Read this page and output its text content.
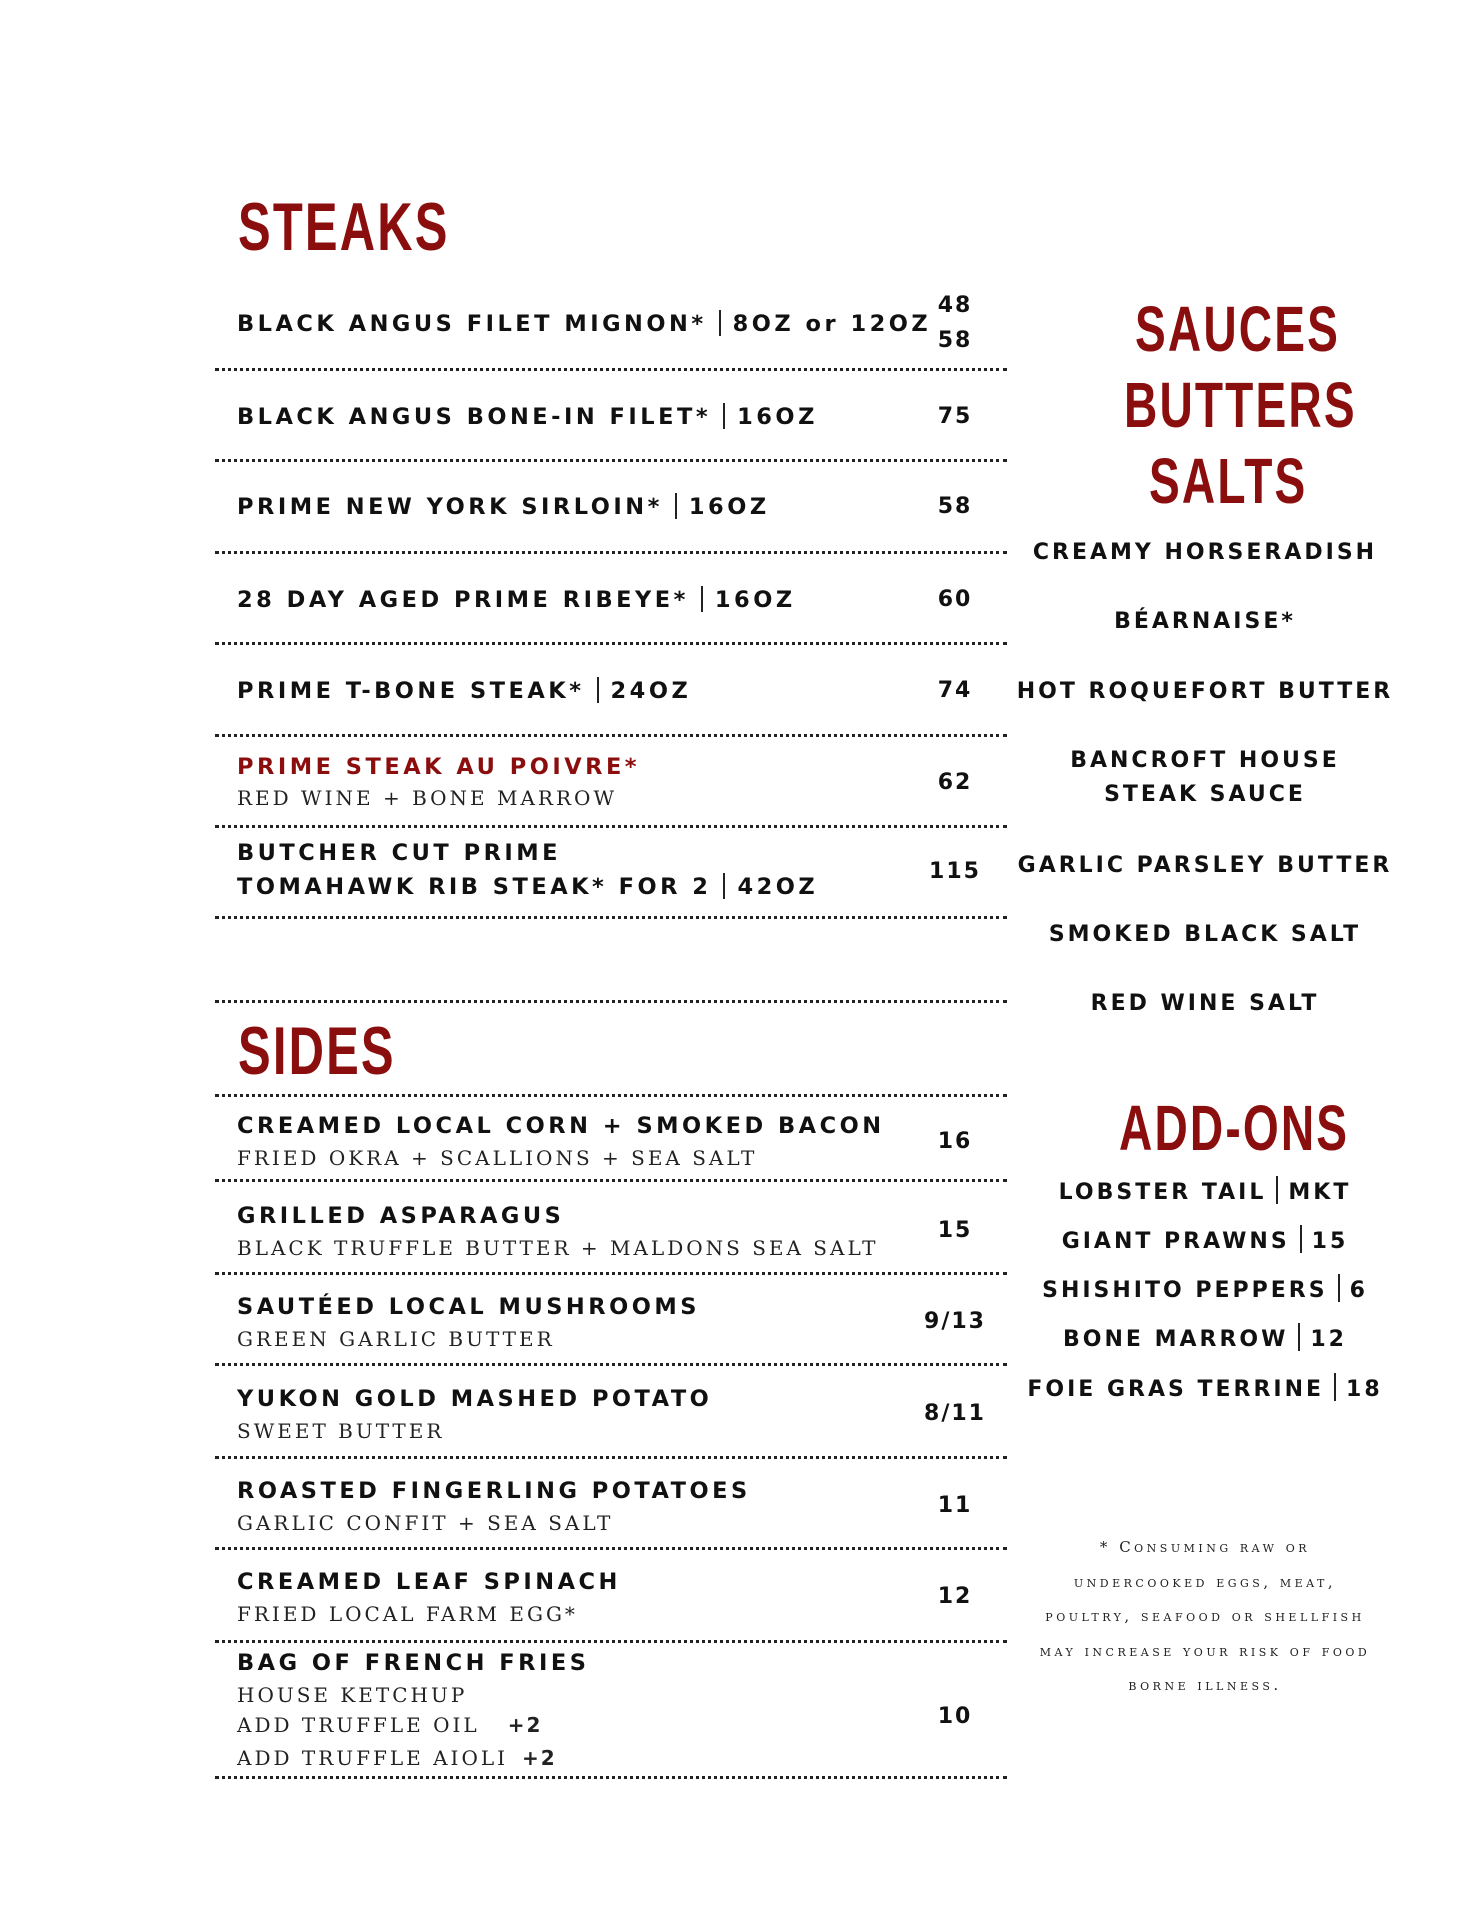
STEAKS
SIDES
SAUCES
BUTTERS
SALTS
ADD-ONS
BLACK ANGUS FILET MIGNON* 8OZ or 12OZ
48
58
BLACK ANGUS BONE-IN FILET* 16OZ	75
PRIME NEW YORK SIRLOIN* 16OZ	58
28 DAY AGED PRIME RIBEYE* 16OZ	60
PRIME T-BONE STEAK* 24OZ	74
PRIME STEAK AU POIVRE*
RED WINE + BONE MARROW
62
BUTCHER CUT PRIME
TOMAHAWK RIB STEAK* FOR 2 42OZ
115
CREAMED LOCAL CORN + SMOKED BACON
FRIED OKRA + SCALLIONS + SEA SALT
16
GRILLED ASPARAGUS
BLACK TRUFFLE BUTTER + MALDONS SEA SALT
15
SAUTÉED LOCAL MUSHROOMS
GREEN GARLIC BUTTER
9/13
YUKON GOLD MASHED POTATO
SWEET BUTTER
8/11
ROASTED FINGERLING POTATOES
GARLIC CONFIT + SEA SALT
11
CREAMED LEAF SPINACH
FRIED LOCAL FARM EGG*
12
BAG OF FRENCH FRIES
HOUSE KETCHUP
ADD TRUFFLE OIL +2
ADD TRUFFLE AIOLI +2
10
CREAMY HORSERADISH
BÉARNAISE*
HOT ROQUEFORT BUTTER
BANCROFT HOUSE
STEAK SAUCE
GARLIC PARSLEY BUTTER
SMOKED BLACK SALT
RED WINE SALT
LOBSTER TAIL MKT
GIANT PRAWNS 15
SHISHITO PEPPERS 6
BONE MARROW 12
FOIE GRAS TERRINE 18

* Consuming raw or undercooked eggs, meat, poultry, seafood or shellfish may increase your risk of food borne illness.
